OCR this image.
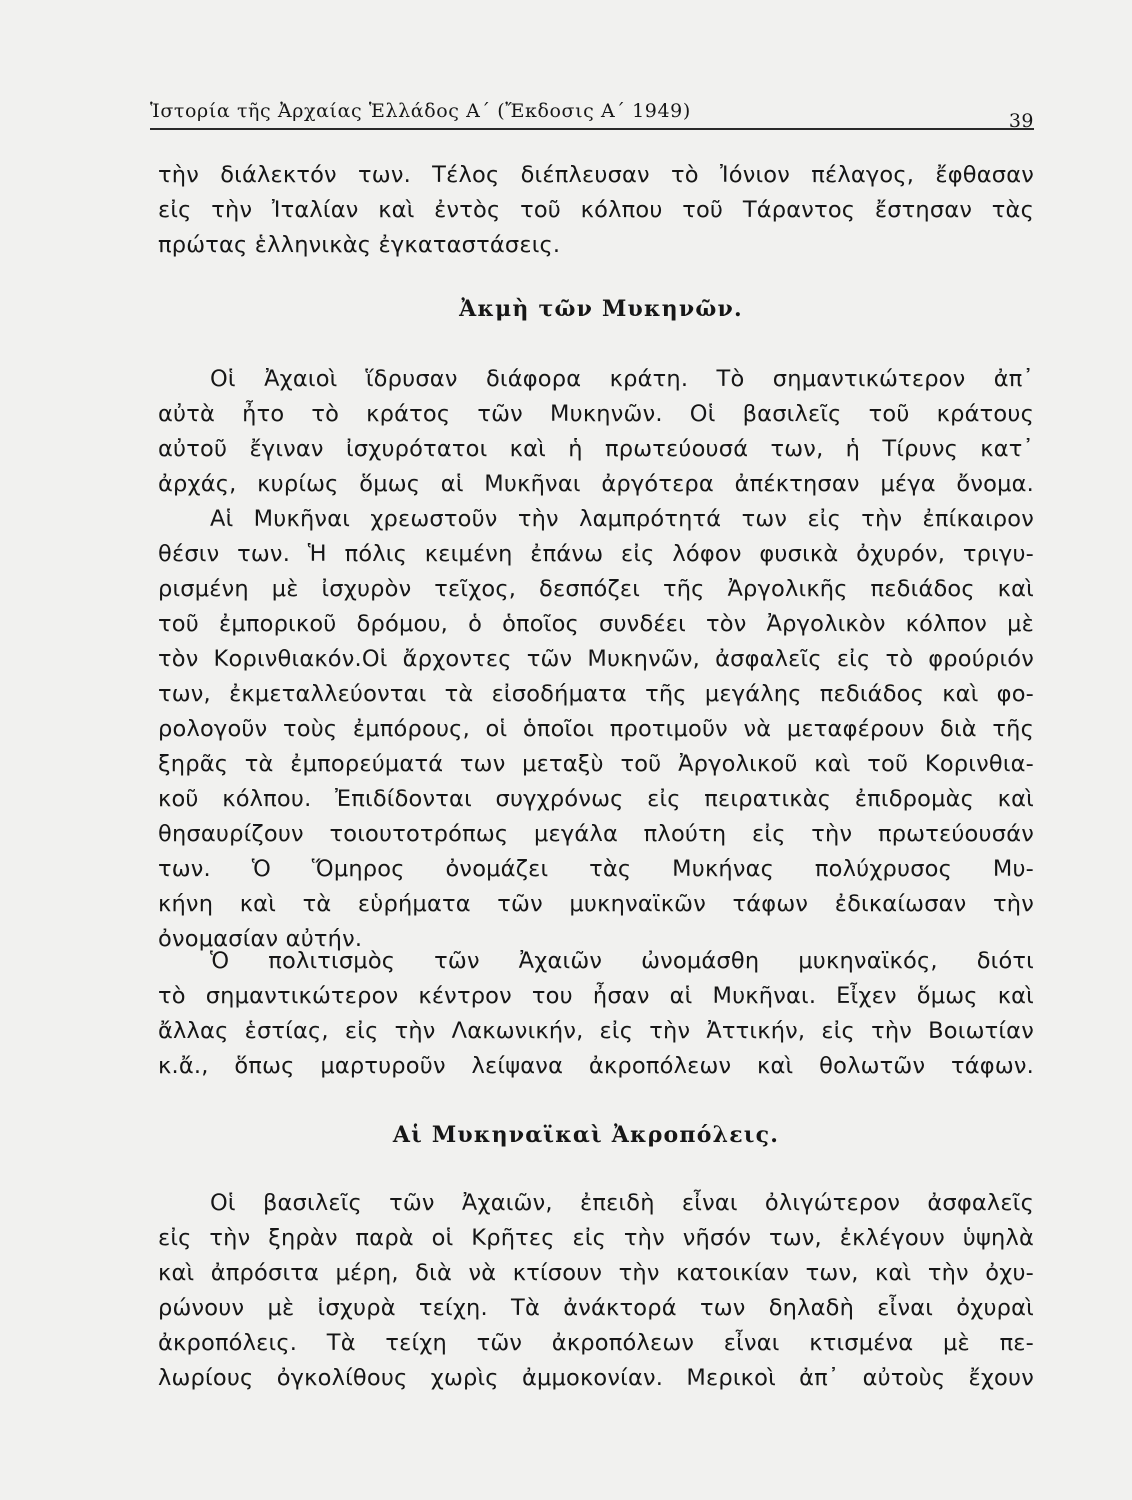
Ἱστορία τῆς Ἀρχαίας Ἑλλάδος Α΄ (Ἔκδοσις Α΄ 1949)	39
τὴν διάλεκτόν των. Τέλος διέπλευσαν τὸ Ἰόνιον πέλαγος, ἔφθασαν
εἰς τὴν Ἰταλίαν καὶ ἐντὸς τοῦ κόλπου τοῦ Τάραντος ἔστησαν τὰς
πρώτας ἑλληνικὰς ἐγκαταστάσεις.
Ἀκμὴ τῶν Μυκηνῶν.
Οἱ Ἀχαιοὶ ἵδρυσαν διάφορα κράτη. Τὸ σημαντικώτερον ἀπ᾿
αὐτὰ ἦτο τὸ κράτος τῶν Μυκηνῶν. Οἱ βασιλεῖς τοῦ κράτους
αὐτοῦ ἔγιναν ἰσχυρότατοι καὶ ἡ πρωτεύουσά των, ἡ Τίρυνς κατ᾿
ἀρχάς, κυρίως ὅμως αἱ Μυκῆναι ἀργότερα ἀπέκτησαν μέγα ὄνομα.
Αἱ Μυκῆναι χρεωστοῦν τὴν λαμπρότητά των εἰς τὴν ἐπίκαιρον
θέσιν των. Ἡ πόλις κειμένη ἐπάνω εἰς λόφον φυσικὰ ὀχυρόν, τριγυ-
ρισμένη μὲ ἰσχυρὸν τεῖχος, δεσπόζει τῆς Ἀργολικῆς πεδιάδος καὶ
τοῦ ἐμπορικοῦ δρόμου, ὁ ὁποῖος συνδέει τὸν Ἀργολικὸν κόλπον μὲ
τὸν Κορινθιακόν.Οἱ ἄρχοντες τῶν Μυκηνῶν, ἀσφαλεῖς εἰς τὸ φρούριόν
των, ἐκμεταλλεύονται τὰ εἰσοδήματα τῆς μεγάλης πεδιάδος καὶ φο-
ρολογοῦν τοὺς ἐμπόρους, οἱ ὁποῖοι προτιμοῦν νὰ μεταφέρουν διὰ τῆς
ξηρᾶς τὰ ἐμπορεύματά των μεταξὺ τοῦ Ἀργολικοῦ καὶ τοῦ Κορινθια-
κοῦ κόλπου. Ἐπιδίδονται συγχρόνως εἰς πειρατικὰς ἐπιδρομὰς καὶ
θησαυρίζουν τοιουτοτρόπως μεγάλα πλούτη εἰς τὴν πρωτεύουσάν
των. Ὁ Ὅμηρος ὀνομάζει τὰς Μυκήνας πολύχρυσος Μυ-
κήνη καὶ τὰ εὑρήματα τῶν μυκηναϊκῶν τάφων ἐδικαίωσαν τὴν
ὀνομασίαν αὐτήν.
Ὁ πολιτισμὸς τῶν Ἀχαιῶν ὠνομάσθη μυκηναϊκός, διότι
τὸ σημαντικώτερον κέντρον του ἦσαν αἱ Μυκῆναι. Εἶχεν ὅμως καὶ
ἄλλας ἑστίας, εἰς τὴν Λακωνικήν, εἰς τὴν Ἀττικήν, εἰς τὴν Βοιωτίαν
κ.ἄ., ὅπως μαρτυροῦν λείψανα ἀκροπόλεων καὶ θολωτῶν τάφων.
Αἱ Μυκηναϊκαὶ Ἀκροπόλεις.
Οἱ βασιλεῖς τῶν Ἀχαιῶν, ἐπειδὴ εἶναι ὀλιγώτερον ἀσφαλεῖς
εἰς τὴν ξηρὰν παρὰ οἱ Κρῆτες εἰς τὴν νῆσόν των, ἐκλέγουν ὑψηλὰ
καὶ ἀπρόσιτα μέρη, διὰ νὰ κτίσουν τὴν κατοικίαν των, καὶ τὴν ὀχυ-
ρώνουν μὲ ἰσχυρὰ τείχη. Τὰ ἀνάκτορά των δηλαδὴ εἶναι ὀχυραὶ
ἀκροπόλεις. Τὰ τείχη τῶν ἀκροπόλεων εἶναι κτισμένα μὲ πε-
λωρίους ὀγκολίθους χωρὶς ἀμμοκονίαν. Μερικοὶ ἀπ᾿ αὐτοὺς ἔχουν
